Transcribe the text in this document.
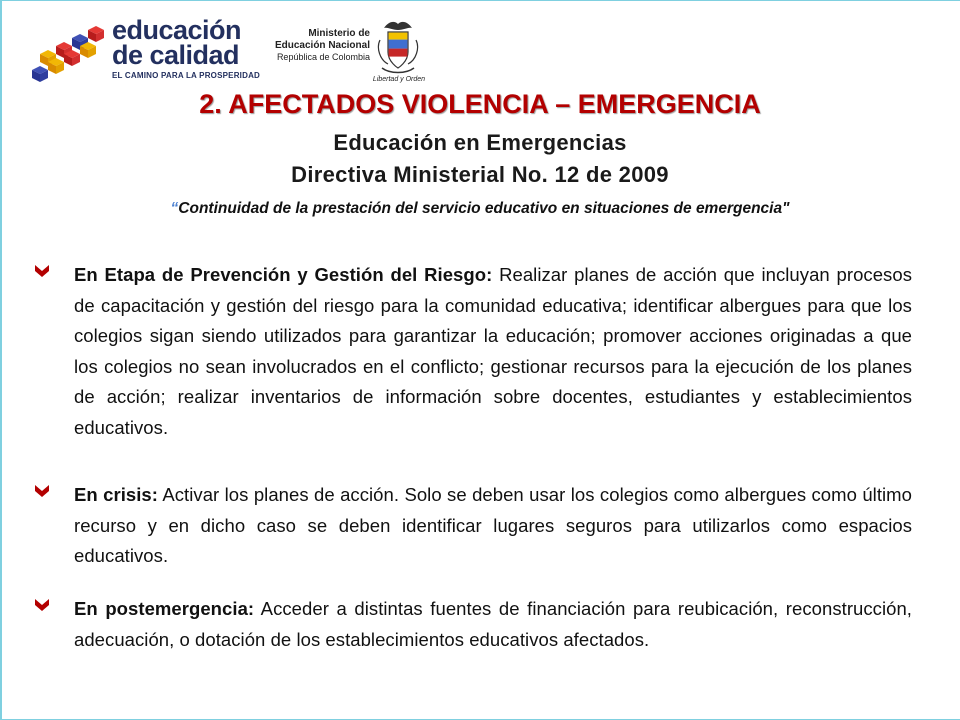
educación
de calidad
EL CAMINO PARA LA PROSPERIDAD
Ministerio de
Educación Nacional
República de Colombia
Libertad y Orden
2. AFECTADOS VIOLENCIA – EMERGENCIA
Educación en Emergencias
Directiva Ministerial No. 12 de 2009
“Continuidad de la prestación del servicio educativo en situaciones de emergencia"
En Etapa de Prevención y Gestión del Riesgo: Realizar planes de acción que incluyan procesos de capacitación y gestión del riesgo para la comunidad educativa; identificar albergues para que los colegios sigan siendo utilizados para garantizar la educación; promover acciones originadas a que los colegios no sean involucrados en el conflicto; gestionar recursos para la ejecución de los planes de acción; realizar inventarios de información sobre docentes, estudiantes y establecimientos educativos.
En crisis: Activar los planes de acción. Solo se deben usar los colegios como albergues como último recurso y en dicho caso se deben identificar lugares seguros para utilizarlos como espacios educativos.
En postemergencia: Acceder a distintas fuentes de financiación para reubicación, reconstrucción, adecuación, o dotación de los establecimientos educativos afectados.
